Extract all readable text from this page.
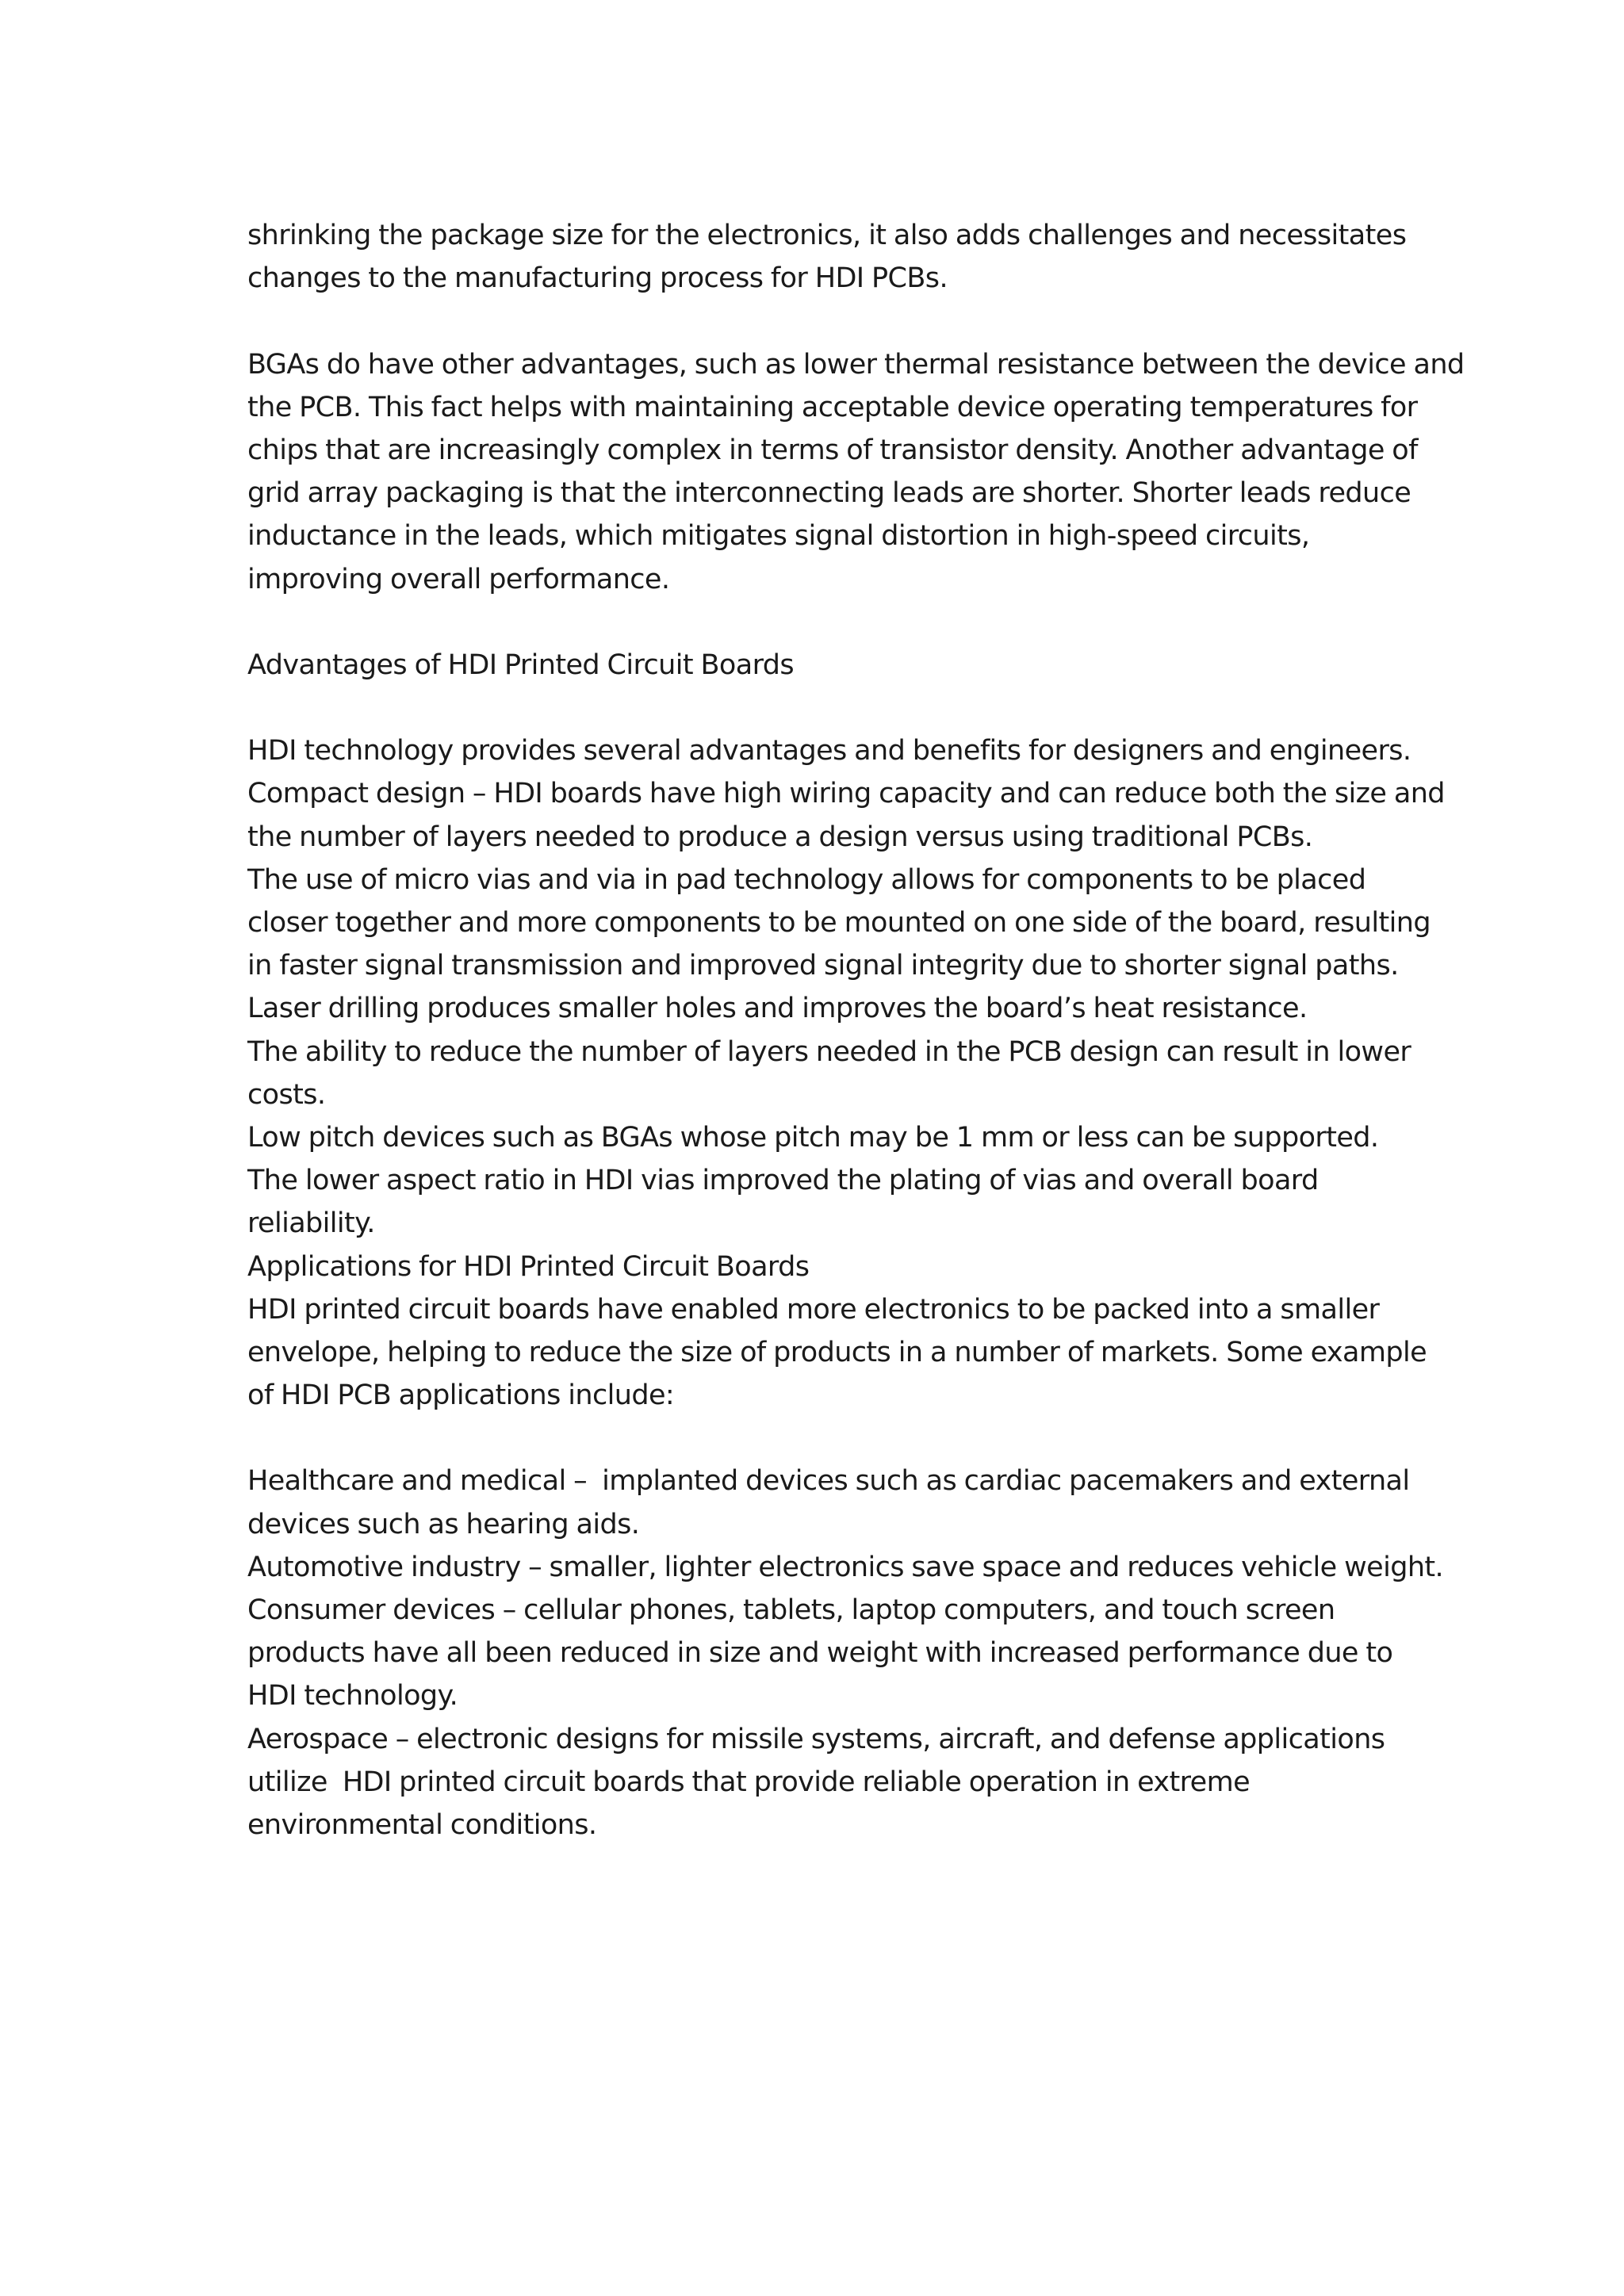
shrinking the package size for the electronics, it also adds challenges and necessitates
changes to the manufacturing process for HDI PCBs.
BGAs do have other advantages, such as lower thermal resistance between the device and
the PCB. This fact helps with maintaining acceptable device operating temperatures for
chips that are increasingly complex in terms of transistor density. Another advantage of
grid array packaging is that the interconnecting leads are shorter. Shorter leads reduce
inductance in the leads, which mitigates signal distortion in high-speed circuits,
improving overall performance.
Advantages of HDI Printed Circuit Boards
HDI technology provides several advantages and benefits for designers and engineers.
Compact design – HDI boards have high wiring capacity and can reduce both the size and
the number of layers needed to produce a design versus using traditional PCBs.
The use of micro vias and via in pad technology allows for components to be placed
closer together and more components to be mounted on one side of the board, resulting
in faster signal transmission and improved signal integrity due to shorter signal paths.
Laser drilling produces smaller holes and improves the board’s heat resistance.
The ability to reduce the number of layers needed in the PCB design can result in lower
costs.
Low pitch devices such as BGAs whose pitch may be 1 mm or less can be supported.
The lower aspect ratio in HDI vias improved the plating of vias and overall board
reliability.
Applications for HDI Printed Circuit Boards
HDI printed circuit boards have enabled more electronics to be packed into a smaller
envelope, helping to reduce the size of products in a number of markets. Some example
of HDI PCB applications include:
Healthcare and medical –  implanted devices such as cardiac pacemakers and external
devices such as hearing aids.
Automotive industry – smaller, lighter electronics save space and reduces vehicle weight.
Consumer devices – cellular phones, tablets, laptop computers, and touch screen
products have all been reduced in size and weight with increased performance due to
HDI technology.
Aerospace – electronic designs for missile systems, aircraft, and defense applications
utilize  HDI printed circuit boards that provide reliable operation in extreme
environmental conditions.
